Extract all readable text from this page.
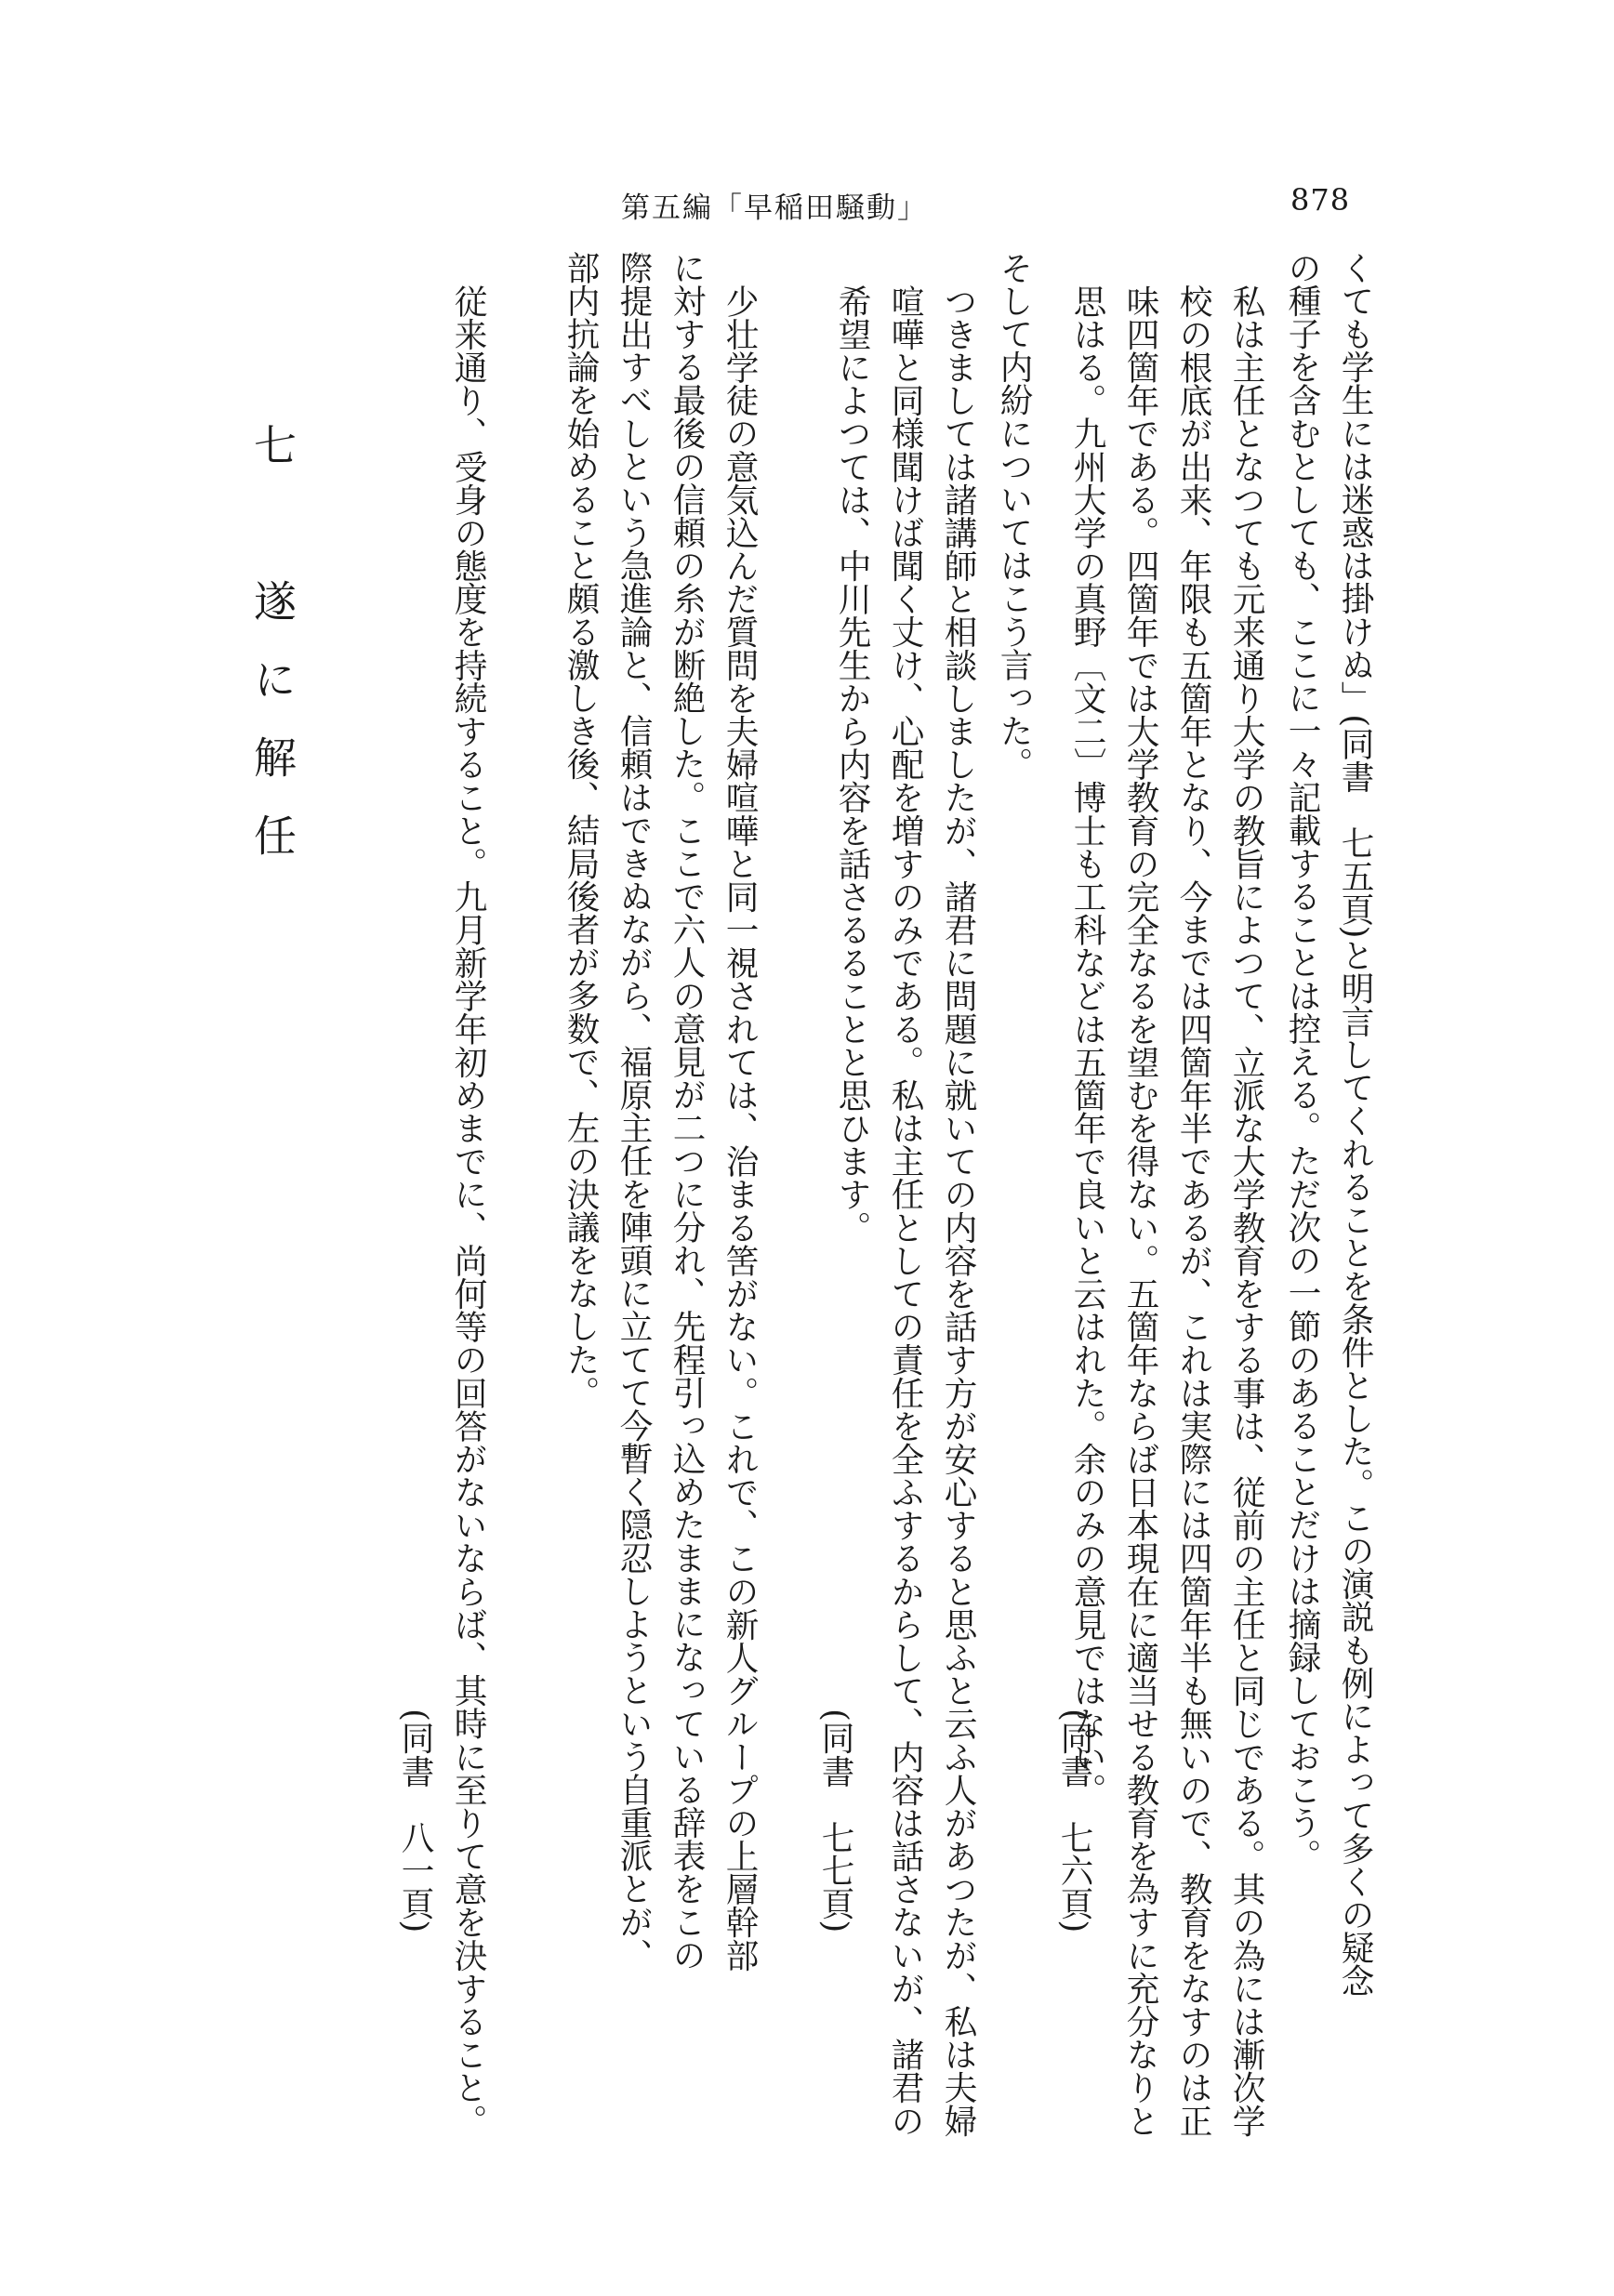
第五編「早稲田騒動」	878
くても学生には迷惑は掛けぬ」(同書　七五頁)と明言してくれることを条件とした。この演説も例によって多くの疑念
の種子を含むとしても、ここに一々記載することは控える。ただ次の一節のあることだけは摘録しておこう。
私は主任となつても元来通り大学の教旨によつて、立派な大学教育をする事は、従前の主任と同じである。其の為には漸次学
校の根底が出来、年限も五箇年となり、今までは四箇年半であるが、これは実際には四箇年半も無いので、教育をなすのは正
味四箇年である。四箇年では大学教育の完全なるを望むを得ない。五箇年ならば日本現在に適当せる教育を為すに充分なりと
思はる。九州大学の真野〔文二〕博士も工科などは五箇年で良いと云はれた。余のみの意見ではない。
(同書　七六頁)
そして内紛についてはこう言った。
つきましては諸講師と相談しましたが、諸君に問題に就いての内容を話す方が安心すると思ふと云ふ人があつたが、私は夫婦
喧嘩と同様聞けば聞く丈け、心配を増すのみである。私は主任としての責任を全ふするからして、内容は話さないが、諸君の
希望によつては、中川先生から内容を話さるることと思ひます。
(同書　七七頁)
少壮学徒の意気込んだ質問を夫婦喧嘩と同一視されては、治まる筈がない。これで、この新人グループの上層幹部
に対する最後の信頼の糸が断絶した。ここで六人の意見が二つに分れ、先程引っ込めたままになっている辞表をこの
際提出すべしという急進論と、信頼はできぬながら、福原主任を陣頭に立てて今暫く隠忍しようという自重派とが、
部内抗論を始めること頗る激しき後、結局後者が多数で、左の決議をなした。
従来通り、受身の態度を持続すること。九月新学年初めまでに、尚何等の回答がないならば、其時に至りて意を決すること。
(同書　八一頁)
七　遂に解任
